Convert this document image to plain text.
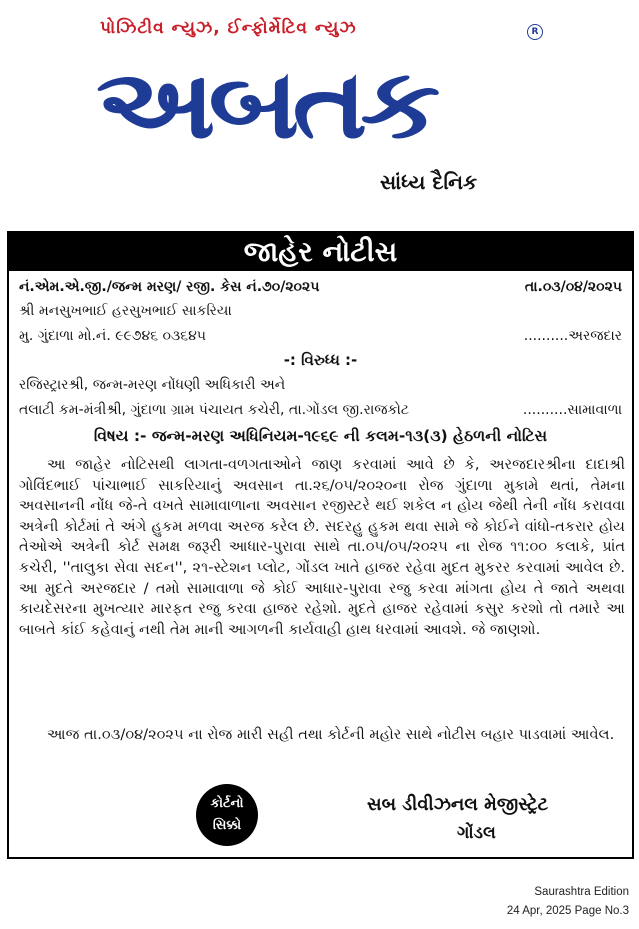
પોઝિટીવ ન્યુઝ, ઈન્ફોર્મેટિવ ન્યુઝ	R
અબતક
સાંધ્ય દૈનિક
જાહેર નોટીસ
નં.એમ.એ.જી./જન્મ મરણ/ રજી. કેસ નં.૭૦/૨૦૨૫	તા.૦૩/૦૪/૨૦૨૫
શ્રી મનસુખભાઈ હરસુખભાઈ સાકરિયા
મુ. ગુંદાળા મો.નં. ૯૯૭૪૬ ૦૩૬૪૫	..........અરજદાર
-: વિરુધ્ધ :-
રજિસ્ટ્રારશ્રી, જન્મ-મરણ નોંધણી અધિકારી અને
તલાટી કમ-મંત્રીશ્રી, ગુંદાળા ગ્રામ પંચાયત કચેરી, તા.ગોંડલ જી.રાજકોટ	..........સામાવાળા
વિષય :- જન્મ-મરણ અધિનિયમ-૧૯૬૯ ની કલમ-૧૩(૩) હેઠળની નોટિસ
આ જાહેર નોટિસથી લાગતા-વળગતાઓને જાણ કરવામાં આવે છે કે, અરજદારશ્રીના દાદાશ્રી ગોવિંદભાઈ પાંચાભાઈ સાકરિયાનું અવસાન તા.૨૬/૦૫/૨૦૨૦ના રોજ ગુંદાળા મુકામે થતાં, તેમના અવસાનની નોંધ જે-તે વખતે સામાવાળાના અવસાન રજીસ્ટરે થઈ શકેલ ન હોય જેથી તેની નોંધ કરાવવા અત્રેની કોર્ટમાં તે અંગે હુકમ મળવા અરજ કરેલ છે. સદરહુ હુકમ થવા સામે જે કોઈને વાંધો-તકરાર હોય તેઓએ અત્રેની કોર્ટ સમક્ષ જરૂરી આધાર-પુરાવા સાથે તા.૦૫/૦૫/૨૦૨૫ ના રોજ ૧૧:૦૦ કલાકે, પ્રાંત કચેરી, ''તાલુકા સેવા સદન'', ૨૧-સ્ટેશન પ્લોટ, ગોંડલ ખાતે હાજર રહેવા મુદત મુકરર કરવામાં આવેલ છે. આ મુદતે અરજદાર / તમો સામાવાળા જે કોઈ આધાર-પુરાવા રજુ કરવા માંગતા હોય તે જાતે અથવા કાયદેસરના મુખત્યાર મારફત રજુ કરવા હાજર રહેશો. મુદતે હાજર રહેવામાં કસુર કરશો તો તમારે આ બાબતે કાંઈ કહેવાનું નથી તેમ માની આગળની કાર્યવાહી હાથ ધરવામાં આવશે. જે જાણશો.
આજ તા.૦૩/૦૪/૨૦૨૫ ના રોજ મારી સહી તથા કોર્ટની મહોર સાથે નોટીસ બહાર પાડવામાં આવેલ.
કોર્ટનો
સિક્કો
સબ ડીવીઝનલ મેજીસ્ટ્રેટ
ગોંડલ
Saurashtra Edition
24 Apr, 2025 Page No.3
